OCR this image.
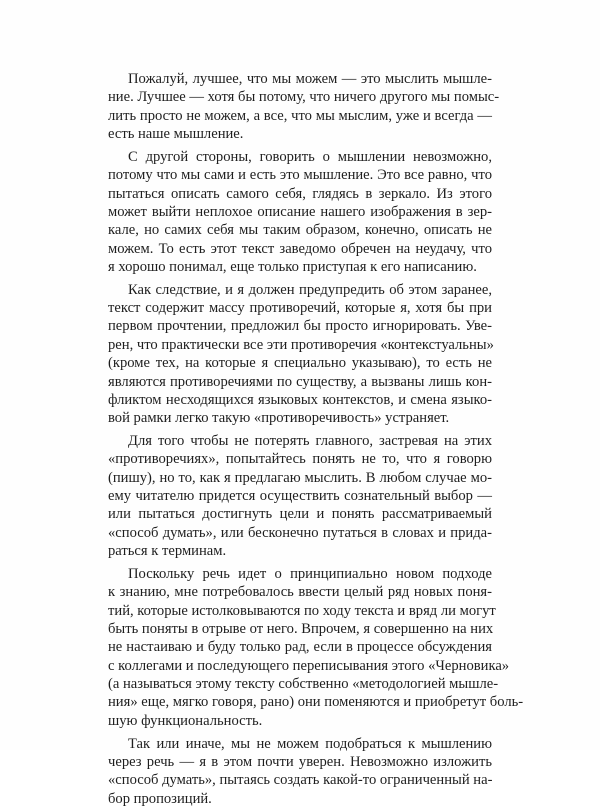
Пожалуй, лучшее, что мы можем — это мыслить мышле-
ние. Лучшее — хотя бы потому, что ничего другого мы помыс-
лить просто не можем, а все, что мы мыслим, уже и всегда —
есть наше мышление.
С другой стороны, говорить о мышлении невозможно,
потому что мы сами и есть это мышление. Это все равно, что
пытаться описать самого себя, глядясь в зеркало. Из этого
может выйти неплохое описание нашего изображения в зер-
кале, но самих себя мы таким образом, конечно, описать не
можем. То есть этот текст заведомо обречен на неудачу, что
я хорошо понимал, еще только приступая к его написанию.
Как следствие, и я должен предупредить об этом заранее,
текст содержит массу противоречий, которые я, хотя бы при
первом прочтении, предложил бы просто игнорировать. Уве-
рен, что практически все эти противоречия «контекстуальны»
(кроме тех, на которые я специально указываю), то есть не
являются противоречиями по существу, а вызваны лишь кон-
фликтом несходящихся языковых контекстов, и смена языко-
вой рамки легко такую «противоречивость» устраняет.
Для того чтобы не потерять главного, застревая на этих
«противоречиях», попытайтесь понять не то, что я говорю
(пишу), но то, как я предлагаю мыслить. В любом случае мо-
ему читателю придется осуществить сознательный выбор —
или пытаться достигнуть цели и понять рассматриваемый
«способ думать», или бесконечно путаться в словах и прида-
раться к терминам.
Поскольку речь идет о принципиально новом подходе
к знанию, мне потребовалось ввести целый ряд новых поня-
тий, которые истолковываются по ходу текста и вряд ли могут
быть поняты в отрыве от него. Впрочем, я совершенно на них
не настаиваю и буду только рад, если в процессе обсуждения
с коллегами и последующего переписывания этого «Черновика»
(а называться этому тексту собственно «методологией мышле-
ния» еще, мягко говоря, рано) они поменяются и приобретут боль-
шую функциональность.
Так или иначе, мы не можем подобраться к мышлению
через речь — я в этом почти уверен. Невозможно изложить
«способ думать», пытаясь создать какой-то ограниченный на-
бор пропозиций.
